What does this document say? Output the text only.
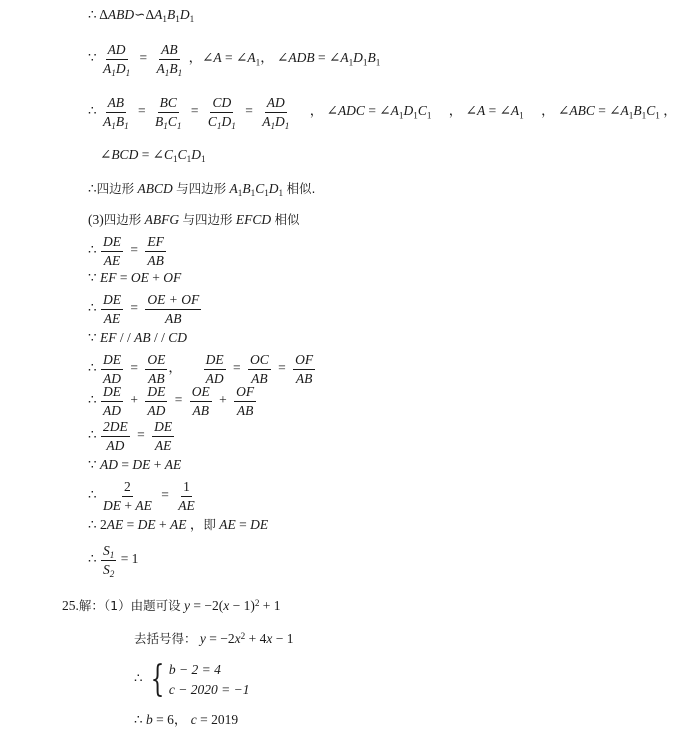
∴ $\Delta ABD∽\Delta A_1B_1D_1$
∵ $\frac{AD}{A_1D_1} = \frac{AB}{A_1B_1}$ ，∠A = $\angle A_1$， ∠ADB = $\angle A_1D_1B_1$
∴ $\frac{AB}{A_1B_1} = \frac{BC}{B_1C_1} = \frac{CD}{C_1D_1} = \frac{AD}{A_1D_1}$ ， ∠ADC = $\angle A_1D_1C_1$ ， ∠A = $\angle A_1$ ， ∠ABC = $\angle A_1B_1C_1$ ，
∠BCD = $\angle C_1C_1D_1$
∴四边形 ABCD 与四边形 $A_1B_1C_1D_1$ 相似.
(3)四边形 ABFG 与四边形 EFCD 相似
∴ $\frac{DE}{AE} = \frac{EF}{AB}$
∵ EF = OE + OF
∴ $\frac{DE}{AE} = \frac{OE + OF}{AB}$
∵ EF / / AB / / CD
∴ $\frac{DE}{AD} = \frac{OE}{AB}$ ， $\frac{DE}{AD} = \frac{OC}{AB} = \frac{OF}{AB}$
∴ $\frac{DE}{AD} + \frac{DE}{AD} = \frac{OE}{AB} + \frac{OF}{AB}$
∴ $\frac{2DE}{AD} = \frac{DE}{AE}$
∵ AD = DE + AE
∴ $\frac{2}{DE + AE} = \frac{1}{AE}$
∴ 2AE = DE + AE ，即 AE = DE
∴ $\frac{S_1}{S_2} = 1$
25.解：（1）由题可设 $y = -2(x - 1)^2 + 1$
去括号得： $y = -2x^2 + 4x - 1$
∴ { b − 2 = 4
c − 2020 = −1
∴ b = 6， c = 2019
